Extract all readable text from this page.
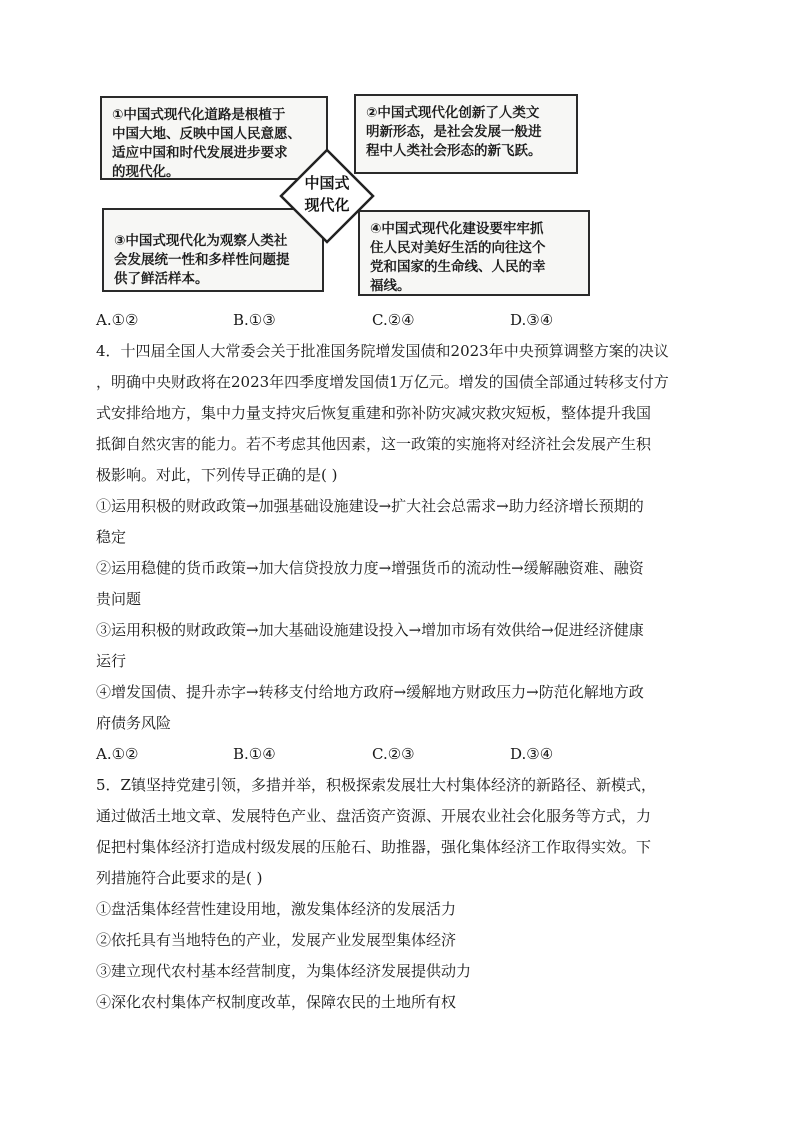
①中国式现代化道路是根植于
中国大地、反映中国人民意愿、
适应中国和时代发展进步要求
的现代化。
②中国式现代化创新了人类文
明新形态，是社会发展一般进
程中人类社会形态的新飞跃。
③中国式现代化为观察人类社
会发展统一性和多样性问题提
供了鲜活样本。
④中国式现代化建设要牢牢抓
住人民对美好生活的向往这个
党和国家的生命线、人民的幸
福线。
中国式
现代化
A.①②	B.①③	C.②④	D.③④
4．十四届全国人大常委会关于批准国务院增发国债和2023年中央预算调整方案的决议
，明确中央财政将在2023年四季度增发国债1万亿元。增发的国债全部通过转移支付方
式安排给地方，集中力量支持灾后恢复重建和弥补防灾减灾救灾短板，整体提升我国
抵御自然灾害的能力。若不考虑其他因素，这一政策的实施将对经济社会发展产生积
极影响。对此，下列传导正确的是( )
①运用积极的财政政策→加强基础设施建设→扩大社会总需求→助力经济增长预期的
稳定
②运用稳健的货币政策→加大信贷投放力度→增强货币的流动性→缓解融资难、融资
贵问题
③运用积极的财政政策→加大基础设施建设投入→增加市场有效供给→促进经济健康
运行
④增发国债、提升赤字→转移支付给地方政府→缓解地方财政压力→防范化解地方政
府债务风险
A.①②	B.①④	C.②③	D.③④
5．Z镇坚持党建引领，多措并举，积极探索发展壮大村集体经济的新路径、新模式，
通过做活土地文章、发展特色产业、盘活资产资源、开展农业社会化服务等方式，力
促把村集体经济打造成村级发展的压舱石、助推器，强化集体经济工作取得实效。下
列措施符合此要求的是( )
①盘活集体经营性建设用地，激发集体经济的发展活力
②依托具有当地特色的产业，发展产业发展型集体经济
③建立现代农村基本经营制度，为集体经济发展提供动力
④深化农村集体产权制度改革，保障农民的土地所有权
